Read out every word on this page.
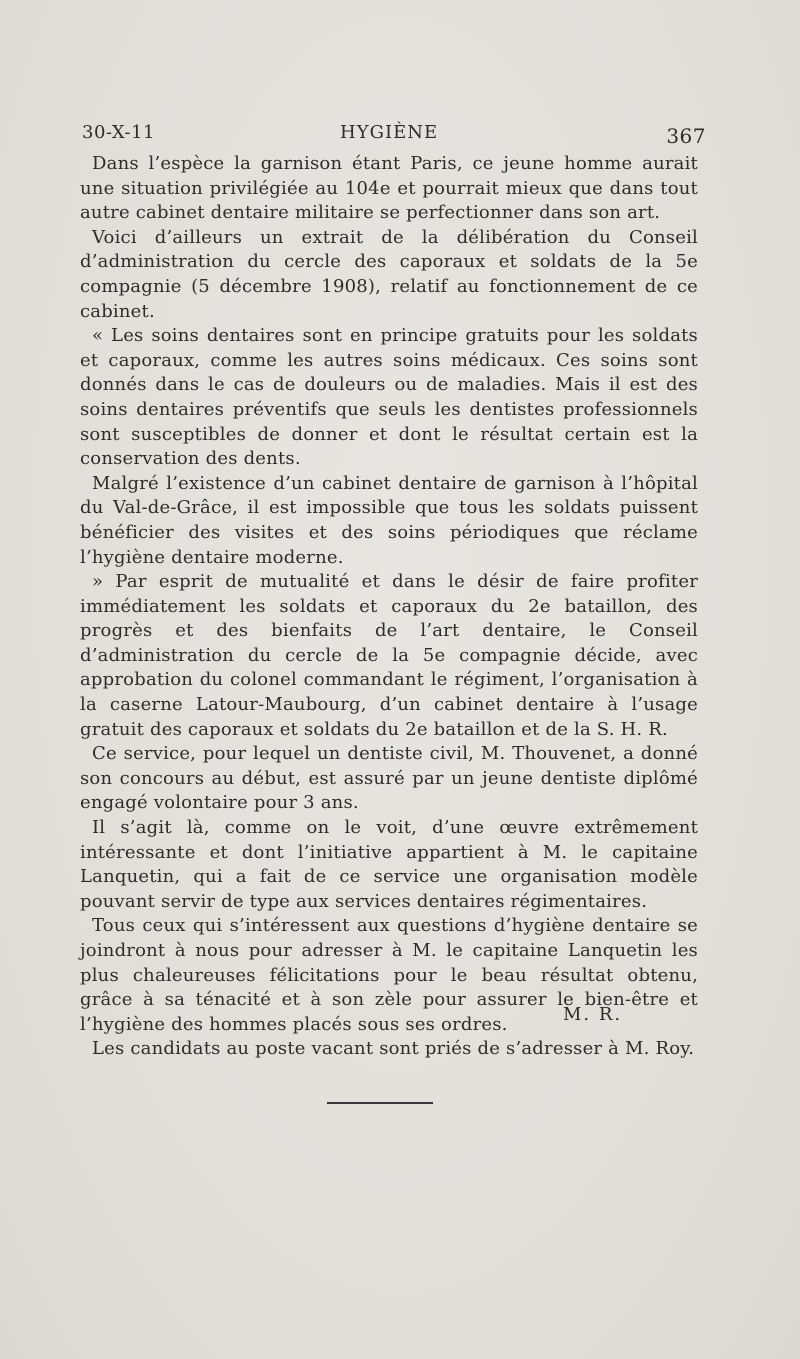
30-X-11	HYGIÈNE	367

Dans l’espèce la garnison étant Paris, ce jeune homme aurait une situation privilégiée au 104e et pourrait mieux que dans tout autre cabinet dentaire militaire se perfectionner dans son art.

Voici d’ailleurs un extrait de la délibération du Conseil d’administration du cercle des caporaux et soldats de la 5e compagnie (5 décembre 1908), relatif au fonctionnement de ce cabinet.

« Les soins dentaires sont en principe gratuits pour les soldats et caporaux, comme les autres soins médicaux. Ces soins sont donnés dans le cas de douleurs ou de maladies. Mais il est des soins dentaires préventifs que seuls les dentistes professionnels sont susceptibles de donner et dont le résultat certain est la conservation des dents.

Malgré l’existence d’un cabinet dentaire de garnison à l’hôpital du Val-de-Grâce, il est impossible que tous les soldats puissent bénéficier des visites et des soins périodiques que réclame l’hygiène dentaire moderne.

» Par esprit de mutualité et dans le désir de faire profiter immédiatement les soldats et caporaux du 2e bataillon, des progrès et des bienfaits de l’art dentaire, le Conseil d’administration du cercle de la 5e compagnie décide, avec approbation du colonel commandant le régiment, l’organisation à la caserne Latour-Maubourg, d’un cabinet dentaire à l’usage gratuit des caporaux et soldats du 2e bataillon et de la S. H. R.

Ce service, pour lequel un dentiste civil, M. Thouvenet, a donné son concours au début, est assuré par un jeune dentiste diplômé engagé volontaire pour 3 ans.

Il s’agit là, comme on le voit, d’une œuvre extrêmement intéressante et dont l’initiative appartient à M. le capitaine Lanquetin, qui a fait de ce service une organisation modèle pouvant servir de type aux services dentaires régimentaires.

Tous ceux qui s’intéressent aux questions d’hygiène dentaire se joindront à nous pour adresser à M. le capitaine Lanquetin les plus chaleureuses félicitations pour le beau résultat obtenu, grâce à sa ténacité et à son zèle pour assurer le bien-être et l’hygiène des hommes placés sous ses ordres.

Les candidats au poste vacant sont priés de s’adresser à M. Roy.

M. R.
